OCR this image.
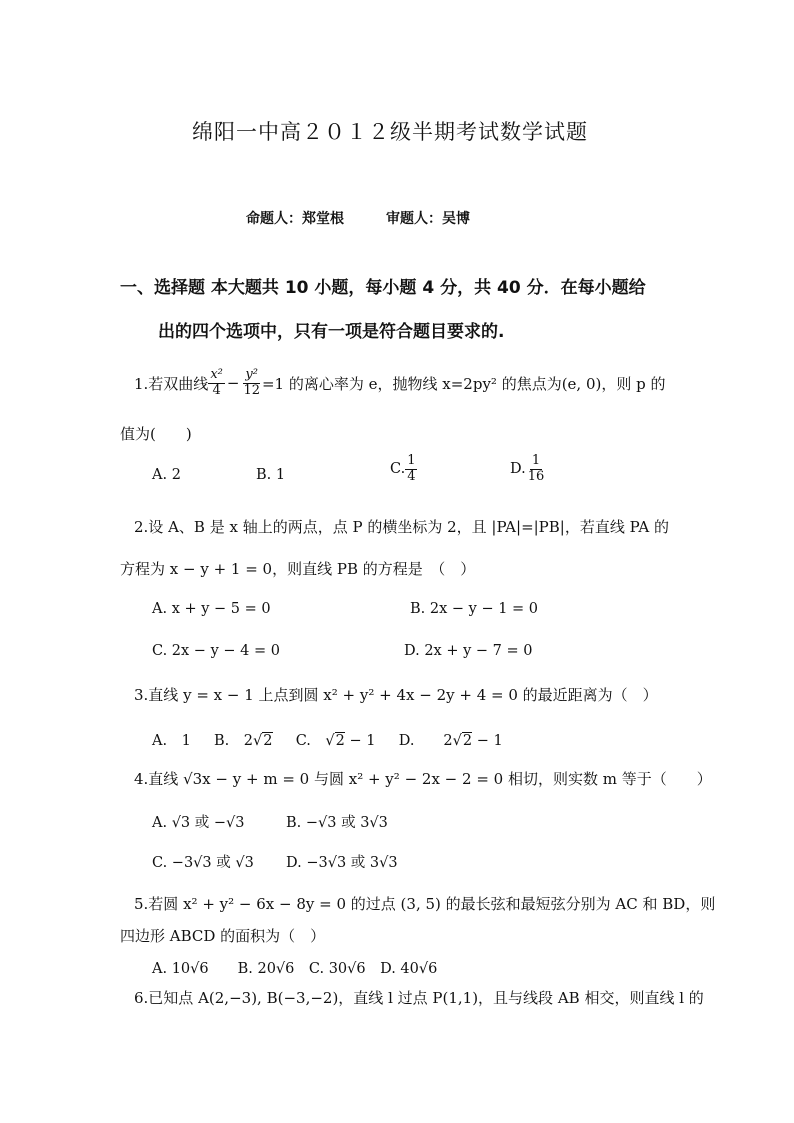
绵阳一中高２０１２级半期考试数学试题
命题人：郑堂根　　　审题人：吴博
一、选择题 本大题共 10 小题，每小题 4 分，共 40 分．在每小题给
出的四个选项中，只有一项是符合题目要求的.
1.若双曲线 $\frac{\text{x²}}{4} - \frac{\text{y²}}{12} =1$ 的离心率为 e，抛物线 x=2py² 的焦点为(e, 0)，则 p 的
值为(　　)
A. 2	B. 1	C. $\frac{1}{4}$	D. $\frac{1}{16}$
2.设 A、B 是 x 轴上的两点，点 P 的横坐标为 2，且 |PA|=|PB|，若直线 PA 的
方程为 x − y + 1 = 0，则直线 PB 的方程是　（　）
A. x + y − 5 = 0	B. 2x − y − 1 = 0
C. 2x − y − 4 = 0	D. 2x + y − 7 = 0
3.直线 y = x − 1 上点到圆 x² + y² + 4x − 2y + 4 = 0 的最近距离为（　）
A.　1 B.　2√2 C.　√2 − 1 D.　　2√2 − 1
4.直线 √3x − y + m = 0 与圆 x² + y² − 2x − 2 = 0 相切，则实数 m 等于（　　）
A. √3 或 −√3	B. −√3 或 3√3
C. −3√3 或 √3 D. −3√3 或 3√3
5.若圆 x² + y² − 6x − 8y = 0 的过点 (3, 5) 的最长弦和最短弦分别为 AC 和 BD，则
四边形 ABCD 的面积为（　）
A. 10√6　　B. 20√6　C. 30√6　D. 40√6
6.已知点 A(2,−3), B(−3,−2)，直线 l 过点 P(1,1)，且与线段 AB 相交，则直线 l 的
